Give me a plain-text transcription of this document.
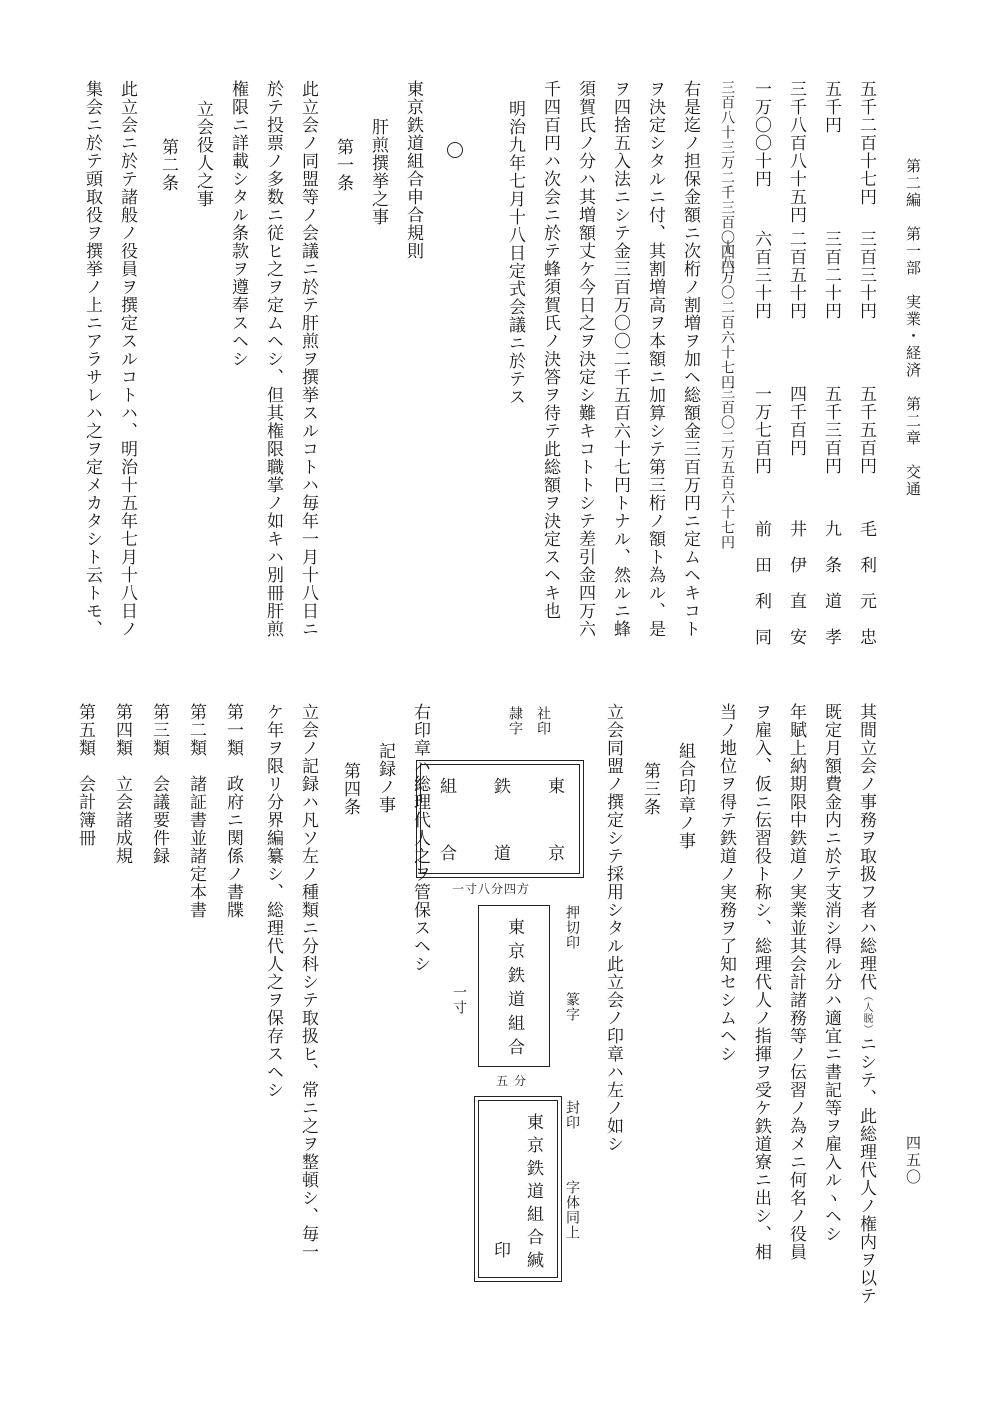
第二編　第一部　実業・経済　第二章　交通
四五〇
五千二百十七円
三百三十円
五千五百円
毛　利　元　忠
五千円
三百二十円
五千三百円
九　条　道　孝
三千八百八十五円
二百五十円
四千百円
井　伊　直　安
一万〇〇十円
六百三十円
一万七百円
前　田　利　同
三百八十三万二千三百〇四円
十八万〇二百六十七円
三百〇二万五百六十七円
右是迄ノ担保金額ニ次桁ノ割増ヲ加ヘ総額金三百万円ニ定ムヘキコト
ヲ決定シタルニ付、其割増高ヲ本額ニ加算シテ第三桁ノ額ト為ル、是
ヲ四捨五入法ニシテ金三百万〇〇二千五百六十七円トナル、然ルニ蜂
須賀氏ノ分ハ其増額丈ケ今日之ヲ決定シ難キコトトシテ差引金四万六
千四百円ハ次会ニ於テ蜂須賀氏ノ決答ヲ待テ此総額ヲ決定スヘキ也
明治九年七月十八日定式会議ニ於テス
東京鉄道組合申合規則
肝煎撰挙之事
第一条
此立会ノ同盟等ノ会議ニ於テ肝煎ヲ撰挙スルコトハ毎年一月十八日ニ
於テ投票ノ多数ニ従ヒ之ヲ定ムヘシ、但其権限職掌ノ如キハ別冊肝煎
権限ニ詳載シタル条款ヲ遵奉スヘシ
立会役人之事
第二条
此立会ニ於テ諸般ノ役員ヲ撰定スルコトハ、明治十五年七月十八日ノ
集会ニ於テ頭取役ヲ撰挙ノ上ニアラサレハ之ヲ定メカタシト云トモ、
其間立会ノ事務ヲ取扱フ者ハ総理代（人脱）ニシテ、此総理代人ノ権内ヲ以テ
既定月額費金内ニ於テ支消シ得ル分ハ適宜ニ書記等ヲ雇入ルヽヘシ
年賦上納期限中鉄道ノ実業並其会計諸務等ノ伝習ノ為メニ何名ノ役員
ヲ雇入、仮ニ伝習役ト称シ、総理代人ノ指揮ヲ受ケ鉄道寮ニ出シ、相
当ノ地位ヲ得テ鉄道ノ実務ヲ了知セシムヘシ
組合印章ノ事
第三条
立会同盟ノ撰定シテ採用シタル此立会ノ印章ハ左ノ如シ
社印
隷字
東
京
鉄
道
組
合
一寸八分四方
押切印
篆字
東京鉄道組合
一寸
五分
封印
字体同上
東京鉄道組合緘
印
右印章ハ総理代人之ヲ管保スヘシ
記録ノ事
第四条
立会ノ記録ハ凡ソ左ノ種類ニ分科シテ取扱ヒ、常ニ之ヲ整頓シ、毎一
ケ年ヲ限リ分界編纂シ、総理代人之ヲ保存スヘシ
第一類　政府ニ関係ノ書牒
第二類　諸証書並諸定本書
第三類　会議要件録
第四類　立会諸成規
第五類　会計簿冊
